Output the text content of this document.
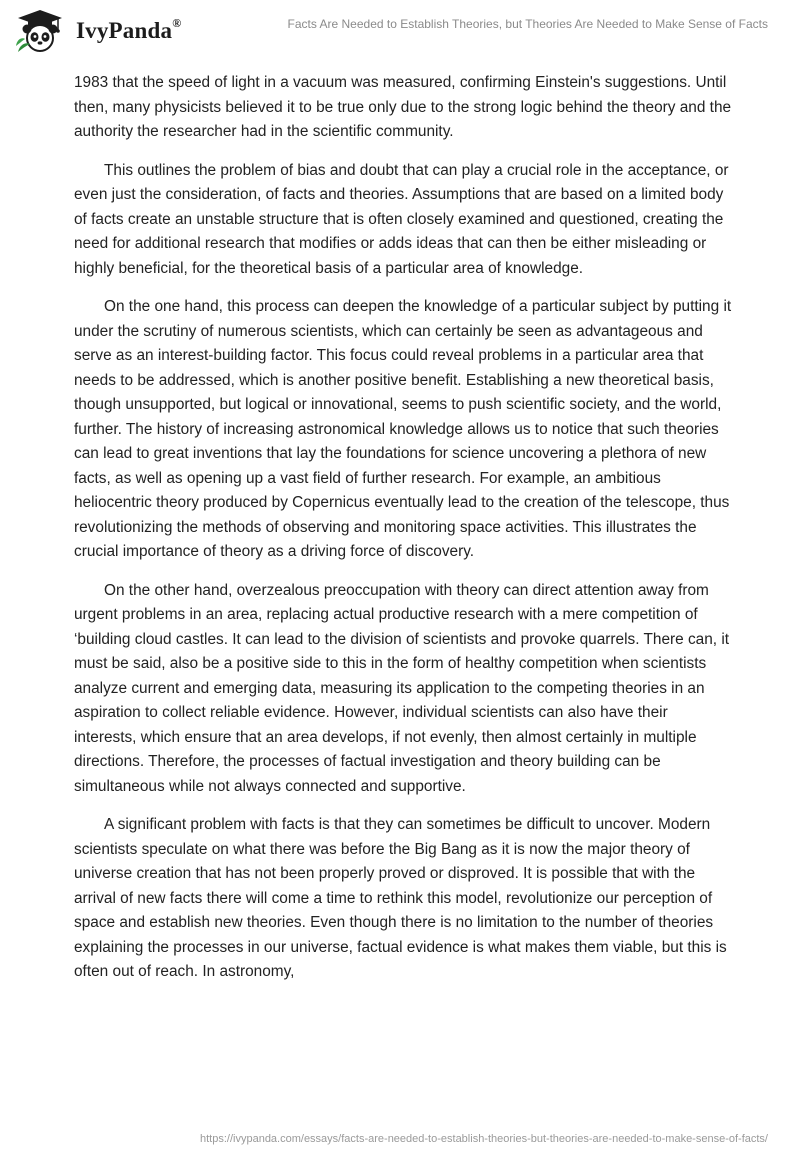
IvyPanda®	Facts Are Needed to Establish Theories, but Theories Are Needed to Make Sense of Facts

1983 that the speed of light in a vacuum was measured, confirming Einstein's suggestions. Until then, many physicists believed it to be true only due to the strong logic behind the theory and the authority the researcher had in the scientific community.

This outlines the problem of bias and doubt that can play a crucial role in the acceptance, or even just the consideration, of facts and theories. Assumptions that are based on a limited body of facts create an unstable structure that is often closely examined and questioned, creating the need for additional research that modifies or adds ideas that can then be either misleading or highly beneficial, for the theoretical basis of a particular area of knowledge.

On the one hand, this process can deepen the knowledge of a particular subject by putting it under the scrutiny of numerous scientists, which can certainly be seen as advantageous and serve as an interest-building factor. This focus could reveal problems in a particular area that needs to be addressed, which is another positive benefit. Establishing a new theoretical basis, though unsupported, but logical or innovational, seems to push scientific society, and the world, further. The history of increasing astronomical knowledge allows us to notice that such theories can lead to great inventions that lay the foundations for science uncovering a plethora of new facts, as well as opening up a vast field of further research. For example, an ambitious heliocentric theory produced by Copernicus eventually lead to the creation of the telescope, thus revolutionizing the methods of observing and monitoring space activities. This illustrates the crucial importance of theory as a driving force of discovery.

On the other hand, overzealous preoccupation with theory can direct attention away from urgent problems in an area, replacing actual productive research with a mere competition of ‘building cloud castles. It can lead to the division of scientists and provoke quarrels. There can, it must be said, also be a positive side to this in the form of healthy competition when scientists analyze current and emerging data, measuring its application to the competing theories in an aspiration to collect reliable evidence. However, individual scientists can also have their interests, which ensure that an area develops, if not evenly, then almost certainly in multiple directions. Therefore, the processes of factual investigation and theory building can be simultaneous while not always connected and supportive.

A significant problem with facts is that they can sometimes be difficult to uncover. Modern scientists speculate on what there was before the Big Bang as it is now the major theory of universe creation that has not been properly proved or disproved. It is possible that with the arrival of new facts there will come a time to rethink this model, revolutionize our perception of space and establish new theories. Even though there is no limitation to the number of theories explaining the processes in our universe, factual evidence is what makes them viable, but this is often out of reach. In astronomy,

https://ivypanda.com/essays/facts-are-needed-to-establish-theories-but-theories-are-needed-to-make-sense-of-facts/
